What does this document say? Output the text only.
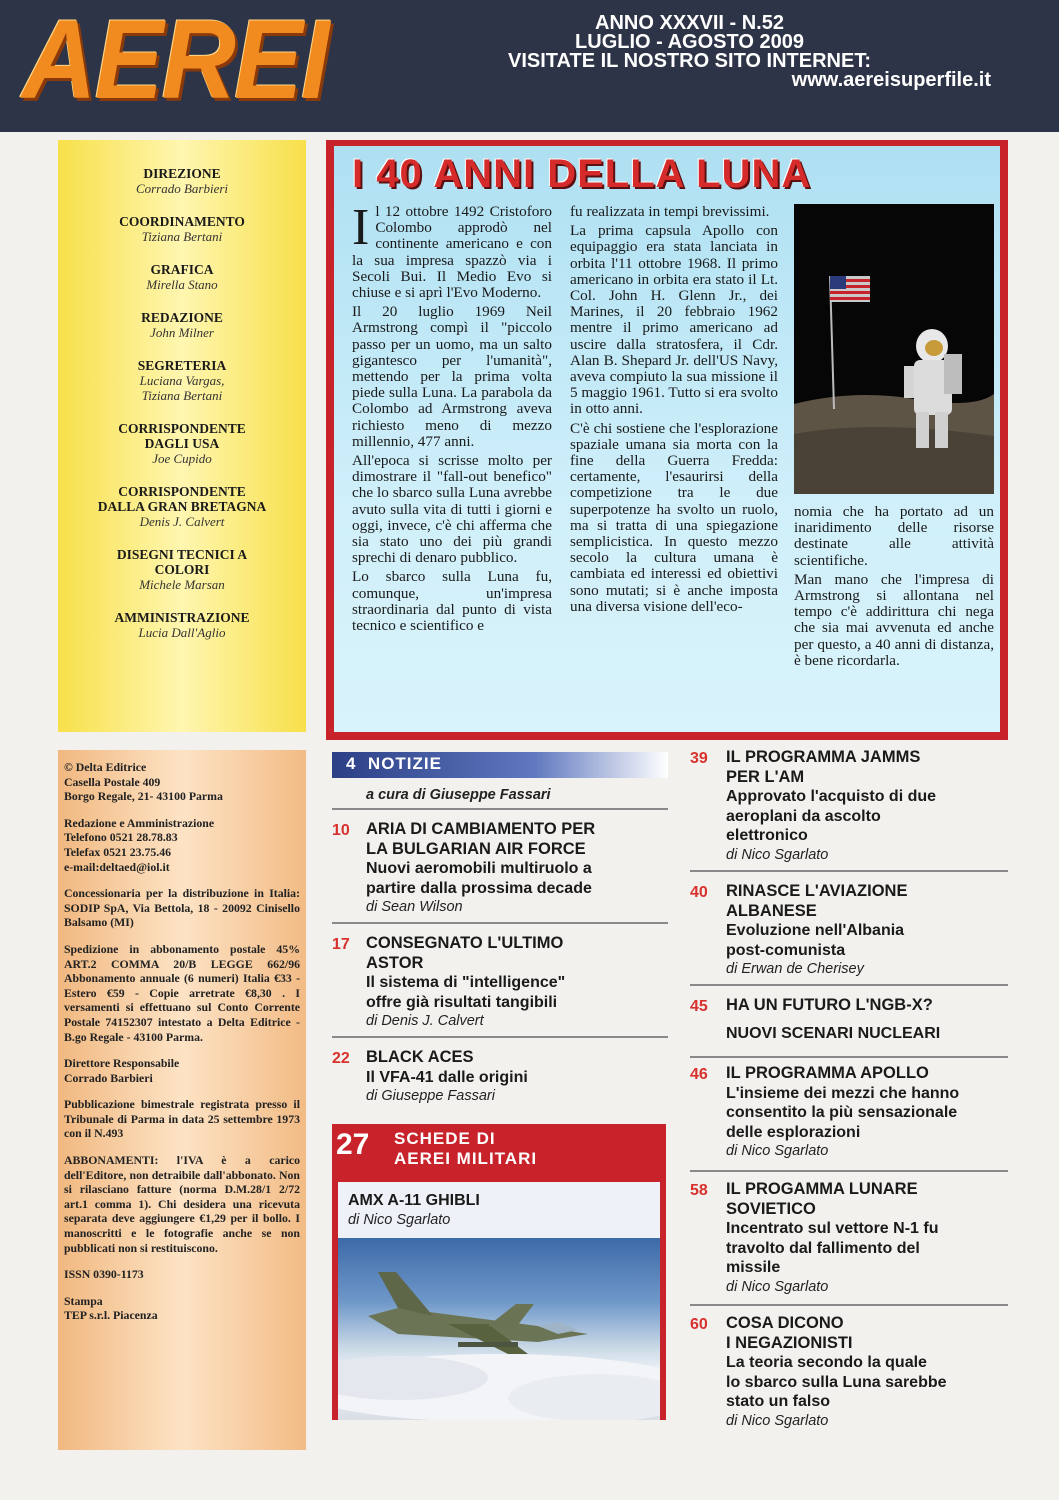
AEREI	ANNO XXXVII - N.52
LUGLIO - AGOSTO 2009
VISITATE IL NOSTRO SITO INTERNET:
www.aereisuperfile.it
DIREZIONE
Corrado Barbieri
COORDINAMENTO
Tiziana Bertani
GRAFICA
Mirella Stano
REDAZIONE
John Milner
SEGRETERIA
Luciana Vargas,
Tiziana Bertani
CORRISPONDENTE DAGLI USA
Joe Cupido
CORRISPONDENTE DALLA GRAN BRETAGNA
Denis J. Calvert
DISEGNI TECNICI A COLORI
Michele Marsan
AMMINISTRAZIONE
Lucia Dall'Aglio

© Delta Editrice
Casella Postale 409
Borgo Regale, 21- 43100 Parma

Redazione e Amministrazione
Telefono 0521 28.78.83
Telefax 0521 23.75.46
e-mail:deltaed@iol.it

Concessionaria per la distribuzione in Italia: SODIP SpA, Via Bettola, 18 - 20092 Cinisello Balsamo (MI)

Spedizione in abbonamento postale 45% ART.2 COMMA 20/B LEGGE 662/96 Abbonamento annuale (6 numeri) Italia €33 - Estero €59 - Copie arretrate €8,30 . I versamenti si effettuano sul Conto Corrente Postale 74152307 intestato a Delta Editrice - B.go Regale - 43100 Parma.

Direttore Responsabile
Corrado Barbieri

Pubblicazione bimestrale registrata presso il Tribunale di Parma in data 25 settembre 1973 con il N.493

ABBONAMENTI: l'IVA è a carico dell'Editore, non detraibile dall'abbonato. Non si rilasciano fatture (norma D.M.28/1 2/72 art.1 comma 1). Chi desidera una ricevuta separata deve aggiungere €1,29 per il bollo. I manoscritti e le fotografie anche se non pubblicati non si restituiscono.

ISSN 0390-1173

Stampa
TEP s.r.l. Piacenza

I 40 ANNI DELLA LUNA

Il 12 ottobre 1492 Cristoforo Colombo approdò nel continente americano e con la sua impresa spazzò via i Secoli Bui. Il Medio Evo si chiuse e si aprì l'Evo Moderno.

Il 20 luglio 1969 Neil Armstrong compì il "piccolo passo per un uomo, ma un salto gigantesco per l'umanità", mettendo per la prima volta piede sulla Luna. La parabola da Colombo ad Armstrong aveva richiesto meno di mezzo millennio, 477 anni.

All'epoca si scrisse molto per dimostrare il "fall-out benefico" che lo sbarco sulla Luna avrebbe avuto sulla vita di tutti i giorni e oggi, invece, c'è chi afferma che sia stato uno dei più grandi sprechi di denaro pubblico.

Lo sbarco sulla Luna fu, comunque, un'impresa straordinaria dal punto di vista tecnico e scientifico e

fu realizzata in tempi brevissimi.

La prima capsula Apollo con equipaggio era stata lanciata in orbita l'11 ottobre 1968. Il primo americano in orbita era stato il Lt. Col. John H. Glenn Jr., dei Marines, il 20 febbraio 1962 mentre il primo americano ad uscire dalla stratosfera, il Cdr. Alan B. Shepard Jr. dell'US Navy, aveva compiuto la sua missione il 5 maggio 1961. Tutto si era svolto in otto anni.

C'è chi sostiene che l'esplorazione spaziale umana sia morta con la fine della Guerra Fredda: certamente, l'esaurirsi della competizione tra le due superpotenze ha svolto un ruolo, ma si tratta di una spiegazione semplicistica. In questo mezzo secolo la cultura umana è cambiata ed interessi ed obiettivi sono mutati; si è anche imposta una diversa visione dell'eco-

nomia che ha portato ad un inaridimento delle risorse destinate alle attività scientifiche.

Man mano che l'impresa di Armstrong si allontana nel tempo c'è addirittura chi nega che sia mai avvenuta ed anche per questo, a 40 anni di distanza, è bene ricordarla.

4 NOTIZIE
a cura di Giuseppe Fassari
10 ARIA DI CAMBIAMENTO PER
LA BULGARIAN AIR FORCE
Nuovi aeromobili multiruolo a
partire dalla prossima decade
di Sean Wilson
17 CONSEGNATO L'ULTIMO
ASTOR
Il sistema di "intelligence"
offre già risultati tangibili
di Denis J. Calvert
22 BLACK ACES
Il VFA-41 dalle origini
di Giuseppe Fassari
27 SCHEDE DI
AEREI MILITARI
AMX A-11 GHIBLI
di Nico Sgarlato
39 IL PROGRAMMA JAMMS
PER L'AM
Approvato l'acquisto di due
aeroplani da ascolto
elettronico
di Nico Sgarlato
40 RINASCE L'AVIAZIONE
ALBANESE
Evoluzione nell'Albania
post-comunista
di Erwan de Cherisey
45 HA UN FUTURO L'NGB-X?
NUOVI SCENARI NUCLEARI
46 IL PROGRAMMA APOLLO
L'insieme dei mezzi che hanno
consentito la più sensazionale
delle esplorazioni
di Nico Sgarlato
58 IL PROGAMMA LUNARE
SOVIETICO
Incentrato sul vettore N-1 fu
travolto dal fallimento del
missile
di Nico Sgarlato
60 COSA DICONO
I NEGAZIONISTI
La teoria secondo la quale
lo sbarco sulla Luna sarebbe
stato un falso
di Nico Sgarlato
